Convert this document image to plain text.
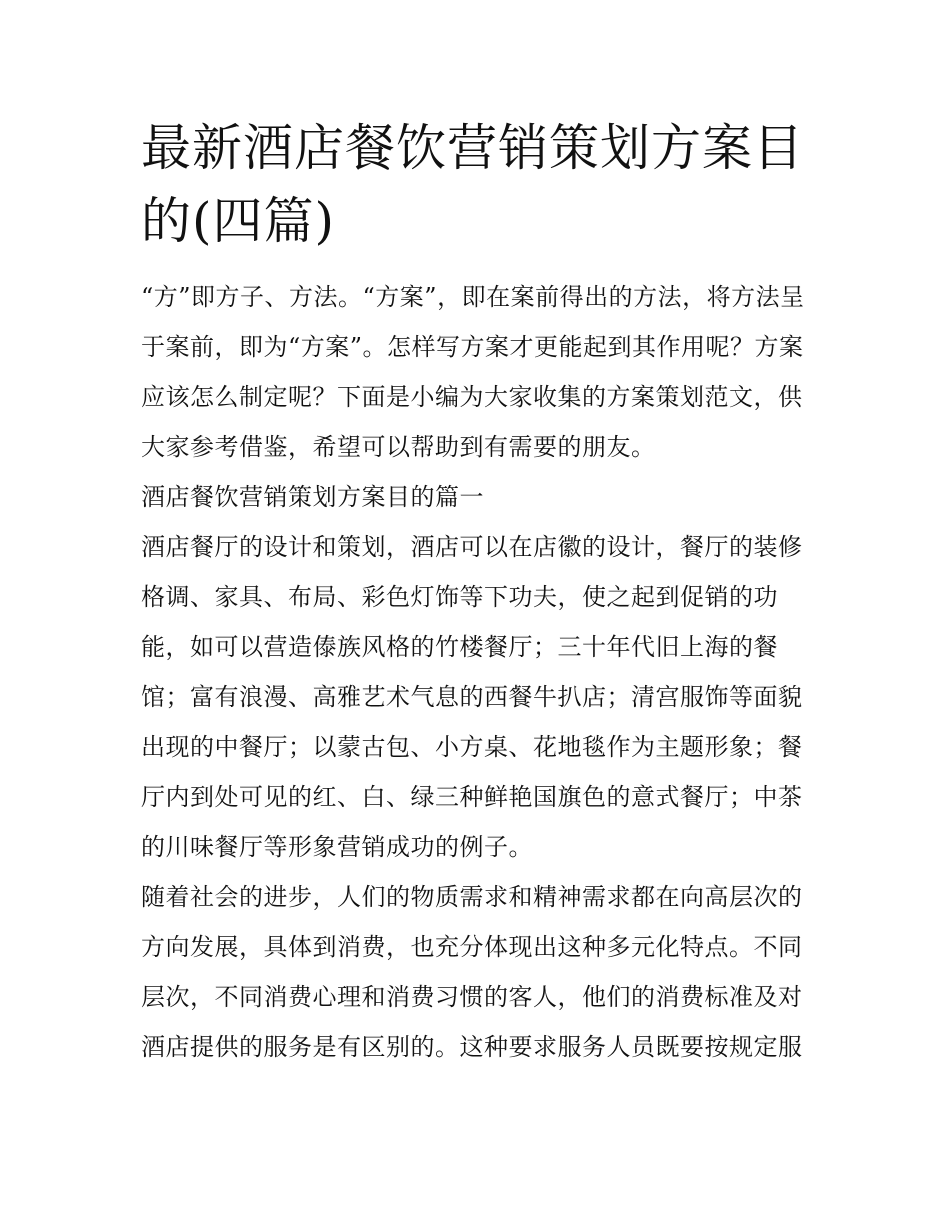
最新酒店餐饮营销策划方案目
的(四篇)
“方”即方子、方法。“方案”，即在案前得出的方法，将方法呈
于案前，即为“方案”。怎样写方案才更能起到其作用呢？方案
应该怎么制定呢？下面是小编为大家收集的方案策划范文，供
大家参考借鉴，希望可以帮助到有需要的朋友。
酒店餐饮营销策划方案目的篇一
酒店餐厅的设计和策划，酒店可以在店徽的设计，餐厅的装修
格调、家具、布局、彩色灯饰等下功夫，使之起到促销的功
能，如可以营造傣族风格的竹楼餐厅；三十年代旧上海的餐
馆；富有浪漫、高雅艺术气息的西餐牛扒店；清宫服饰等面貌
出现的中餐厅；以蒙古包、小方桌、花地毯作为主题形象；餐
厅内到处可见的红、白、绿三种鲜艳国旗色的意式餐厅；中茶
的川味餐厅等形象营销成功的例子。
随着社会的进步，人们的物质需求和精神需求都在向高层次的
方向发展，具体到消费，也充分体现出这种多元化特点。不同
层次，不同消费心理和消费习惯的客人，他们的消费标准及对
酒店提供的服务是有区别的。这种要求服务人员既要按规定服
